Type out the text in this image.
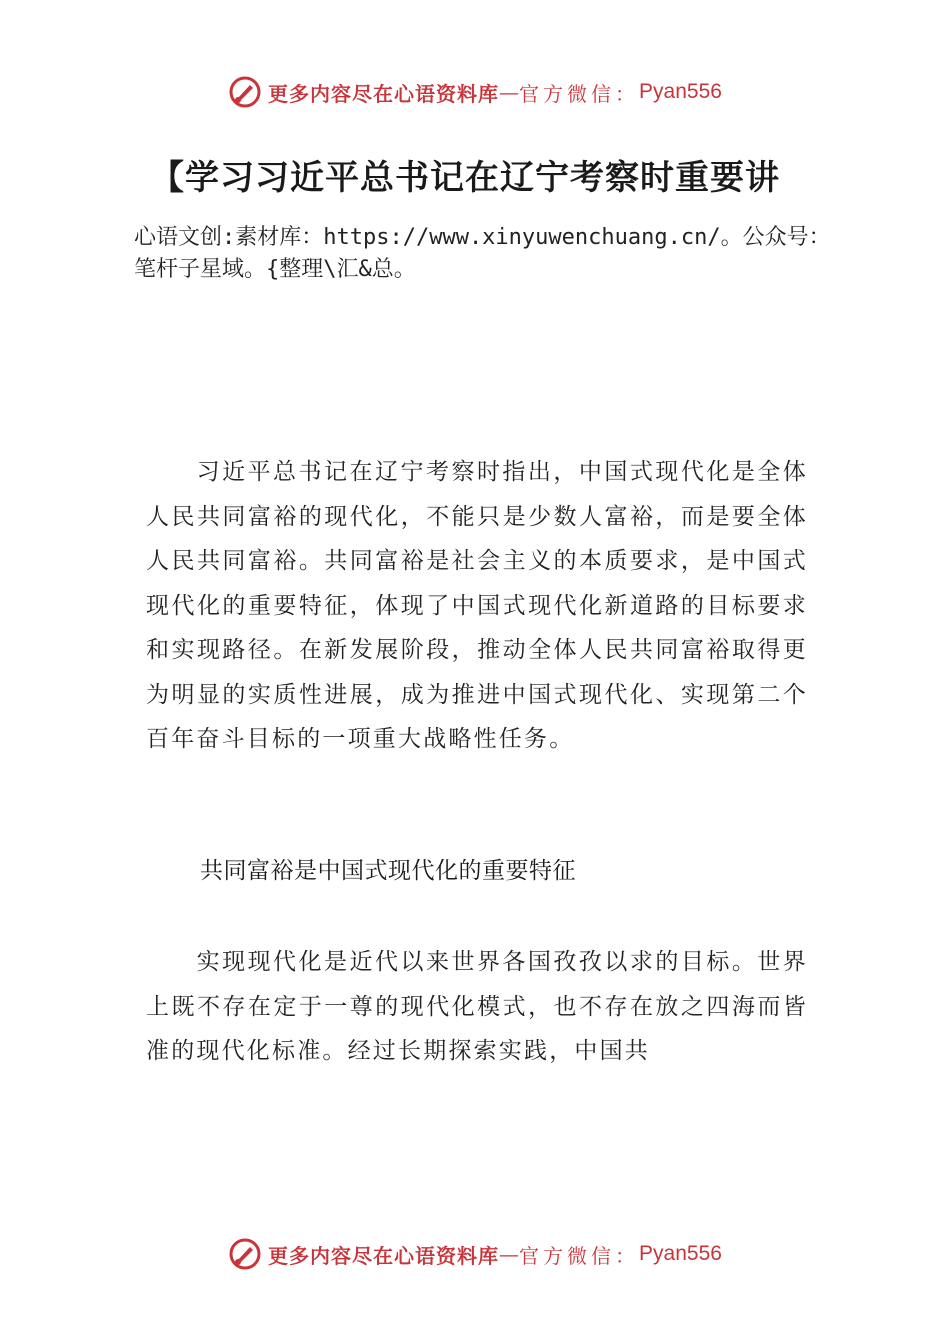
更多内容尽在心语资料库 — 官方微信： Pyan556
【学习习近平总书记在辽宁考察时重要讲
心语文创:素材库：https://www.xinyuwenchuang.cn/。公众号：笔杆子星域。{整理\汇&总。

习近平总书记在辽宁考察时指出，中国式现代化是全体人民共同富裕的现代化，不能只是少数人富裕，而是要全体人民共同富裕。共同富裕是社会主义的本质要求，是中国式现代化的重要特征，体现了中国式现代化新道路的目标要求和实现路径。在新发展阶段，推动全体人民共同富裕取得更为明显的实质性进展，成为推进中国式现代化、实现第二个百年奋斗目标的一项重大战略性任务。

共同富裕是中国式现代化的重要特征

实现现代化是近代以来世界各国孜孜以求的目标。世界上既不存在定于一尊的现代化模式，也不存在放之四海而皆准的现代化标准。经过长期探索实践，中国共

更多内容尽在心语资料库 — 官方微信： Pyan556
